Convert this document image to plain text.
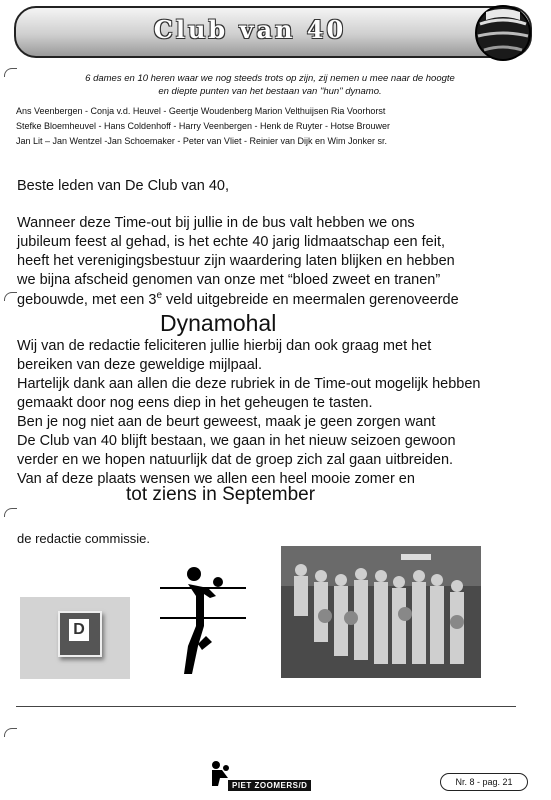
Club van 40
6 dames en 10 heren waar we nog steeds trots op zijn, zij nemen u mee naar de hoogte
en diepte punten van het bestaan van "hun" dynamo.
Ans Veenbergen - Conja v.d. Heuvel - Geertje Woudenberg Marion Velthuijsen Ria Voorhorst
Stefke Bloemheuvel - Hans Coldenhoff - Harry Veenbergen - Henk de Ruyter - Hotse Brouwer
Jan Lit – Jan Wentzel -Jan Schoemaker - Peter van Vliet - Reinier van Dijk en Wim Jonker sr.
Beste leden van De Club van 40,
Wanneer deze Time-out bij jullie in de bus valt hebben we ons
jubileum feest al gehad, is het echte 40 jarig lidmaatschap een feit,
heeft het verenigingsbestuur zijn waardering laten blijken en hebben
we bijna afscheid genomen van onze met “bloed zweet en tranen”
gebouwde, met een 3e veld uitgebreide en meermalen gerenoveerde
Dynamohal
Wij van de redactie feliciteren jullie hierbij dan ook graag met het
bereiken van deze geweldige mijlpaal.
Hartelijk dank aan allen die deze rubriek in de Time-out mogelijk hebben
gemaakt door nog eens diep in het geheugen te tasten.
Ben je nog niet aan de beurt geweest, maak je geen zorgen want
De Club van 40 blijft bestaan, we gaan in het nieuw seizoen gewoon
verder en we hopen natuurlijk dat de groep zich zal gaan uitbreiden.
Van af deze plaats wensen we allen een heel mooie zomer en
tot ziens in September
de redactie commissie.
D
PIET ZOOMERS/D	Nr. 8 - pag. 21
